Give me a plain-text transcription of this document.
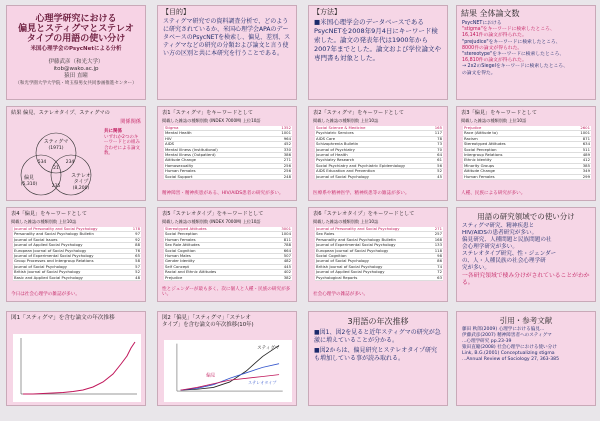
心理学研究における
偏見とスティグマとステレオ
タイプの用語の使い分け
米国心理学会のPsycNetによる分析
伊藤武彦（和光大学）
itob@wako.ac.jp
猿田 直瞳
（和光学園大学大学院・埼玉県男女共同参画推進センター）
【目的】
スティグマ研究での資料調査分析で、どのように研究されているか、米国心理学会APAのデータベースのPsycNETを検索し、偏見、差別、スティグマなどの研究の分類および論文と言う使い方の区別と共に本研究を行うことである。
【方法】
■米国心理学会のデータベースである PsycNETを2008年9月4日にキーワード検索した。論文の発表年代は1900年から2007年までとした。論文および学位論文や専門書も対象とした。
結果 全体論文数
PsycNETにおける
"stigma"をキーワードに検索したところ、
16,141件の論文が得られた。
"prejudice"をキーワードに検索したところ、
8000件の論文が得られた。
"stereotype"をキーワードに検索したところ、
16,810件の論文が得られた。
→ 2x2のSiegelをキーワードに検索したところ、
の論文を得た。
結果 偏見、ステレオタイプ、スティグマの
関係関係
スティグマ
(1971)
偏見
(5,310)
ステレオ
タイプ
(8,200)
534
21
234
235
共に関係
いずれか2つのキーワードとの組み合わせによる論文数。
表1「スティグマ」をキーワードとして
掲載した雑誌の種類別数 (INDEX 7000M) 上位10語
Stigma	1352
Mental Health	1001
HIV	964
AIDS	452
Mental Illness (Institutional)	330
Mental Illness (Outpatient)	386
Attitude Change	271
Homosexuality	256
Human Females	256
Social Support	248
精神障害・精神疾患がある、HIV/AIDS患者の研究が多い。
表2「スティグマ」をキーワードとして
掲載した雑誌の種類別数 上位10誌
Social Science & Medicine	165
Psychiatric Services	117
AIDS Care	78
Schizophrenia Bulletin	73
Journal of Psychiatry	70
Journal of Health	64
Psychiatry Research	61
Social Psychiatry and Psychiatric Epidemiology	56
AIDS Education and Prevention	52
Journal of Social Psychology	45
医療系や精神医学、精神疾患等の雑誌が多い。
表3「偏見」をキーワードとして
掲載した雑誌の種類別数 上位10語
Prejudice	2601
Race (Attitude to)	1001
Racism	871
Stereotyped Attitudes	634
Social Perception	511
Intergroup Relations	489
Ethnic Identity	412
Minority Groups	385
Attitude Change	349
Human Females	299
人種、民族による研究が多い。
表4「偏見」をキーワードとして
掲載した雑誌の種類別数 上位10誌
Journal of Personality and Social Psychology	178
Personality and Social Psychology Bulletin	97
Journal of Social Issues	92
Journal of Applied Social Psychology	88
European Journal of Social Psychology	76
Journal of Experimental Social Psychology	65
Group Processes and Intergroup Relations	58
Journal of Social Psychology	57
British Journal of Social Psychology	52
Basic and Applied Social Psychology	48
今日は社会心理学の雑誌が多い。
表5「ステレオタイプ」をキーワードとして
掲載した雑誌の種類別数 (INDEX 7000M) 上位10語
Stereotyped Attitudes	3001
Social Perception	1004
Human Females	811
Sex Role Attitudes	788
Social Cognition	664
Human Males	507
Gender Identity	482
Self Concept	445
Racial and Ethnic Attitudes	402
Prejudice	382
性とジェンダーが最も多く、次に個人と人種・民族の研究が多い。
表6「ステレオタイプ」をキーワードとして
掲載した雑誌の種類別数 上位10誌
Journal of Personality and Social Psychology	271
Sex Roles	257
Personality and Social Psychology Bulletin	168
Journal of Experimental Social Psychology	133
European Journal of Social Psychology	118
Social Cognition	98
Journal of Social Psychology	86
British Journal of Social Psychology	74
Journal of Applied Social Psychology	72
Psychological Reports	63
社会心理学の雑誌が多い。
用語の研究領域での使い分け
スティグマ研究、精神疾患と
HIV/AIDSの患者研究が多い。
偏見研究、人種問題と民族問題の社
会心理学研究が多い。
ステレオタイプ研究、性・ジェンダー
の、人・人種民族の社会心理学研
究が多い。
一各研究領域で棲み分けがされていることがわかる。
図1「スティグマ」を含む論文の年次推移	図2「偏見」「スティグマ」「ステレオ
タイプ」を含む論文の年次推移(10年)
スティグマ
ステレオタイプ
偏見
3用語の年次推移
■図1、図2を見ると近年スティグマの研究が急激に増えていることが分かる。
■図2からは、偏見研究とステレオタイプ研究も増加している事が読み取れる。
引用・参考文献
藤田 秋郎(2009) 心理学における偏見...
伊藤武彦(2007) 精神障害者へのスティグマ
...心理学研究 pp.23-39
猿田直瞳(2008) 社会心理学における使い分け
Link, B.G.(2001) Conceptualizing stigma
...Annual Review of Sociology 27, 363-385
